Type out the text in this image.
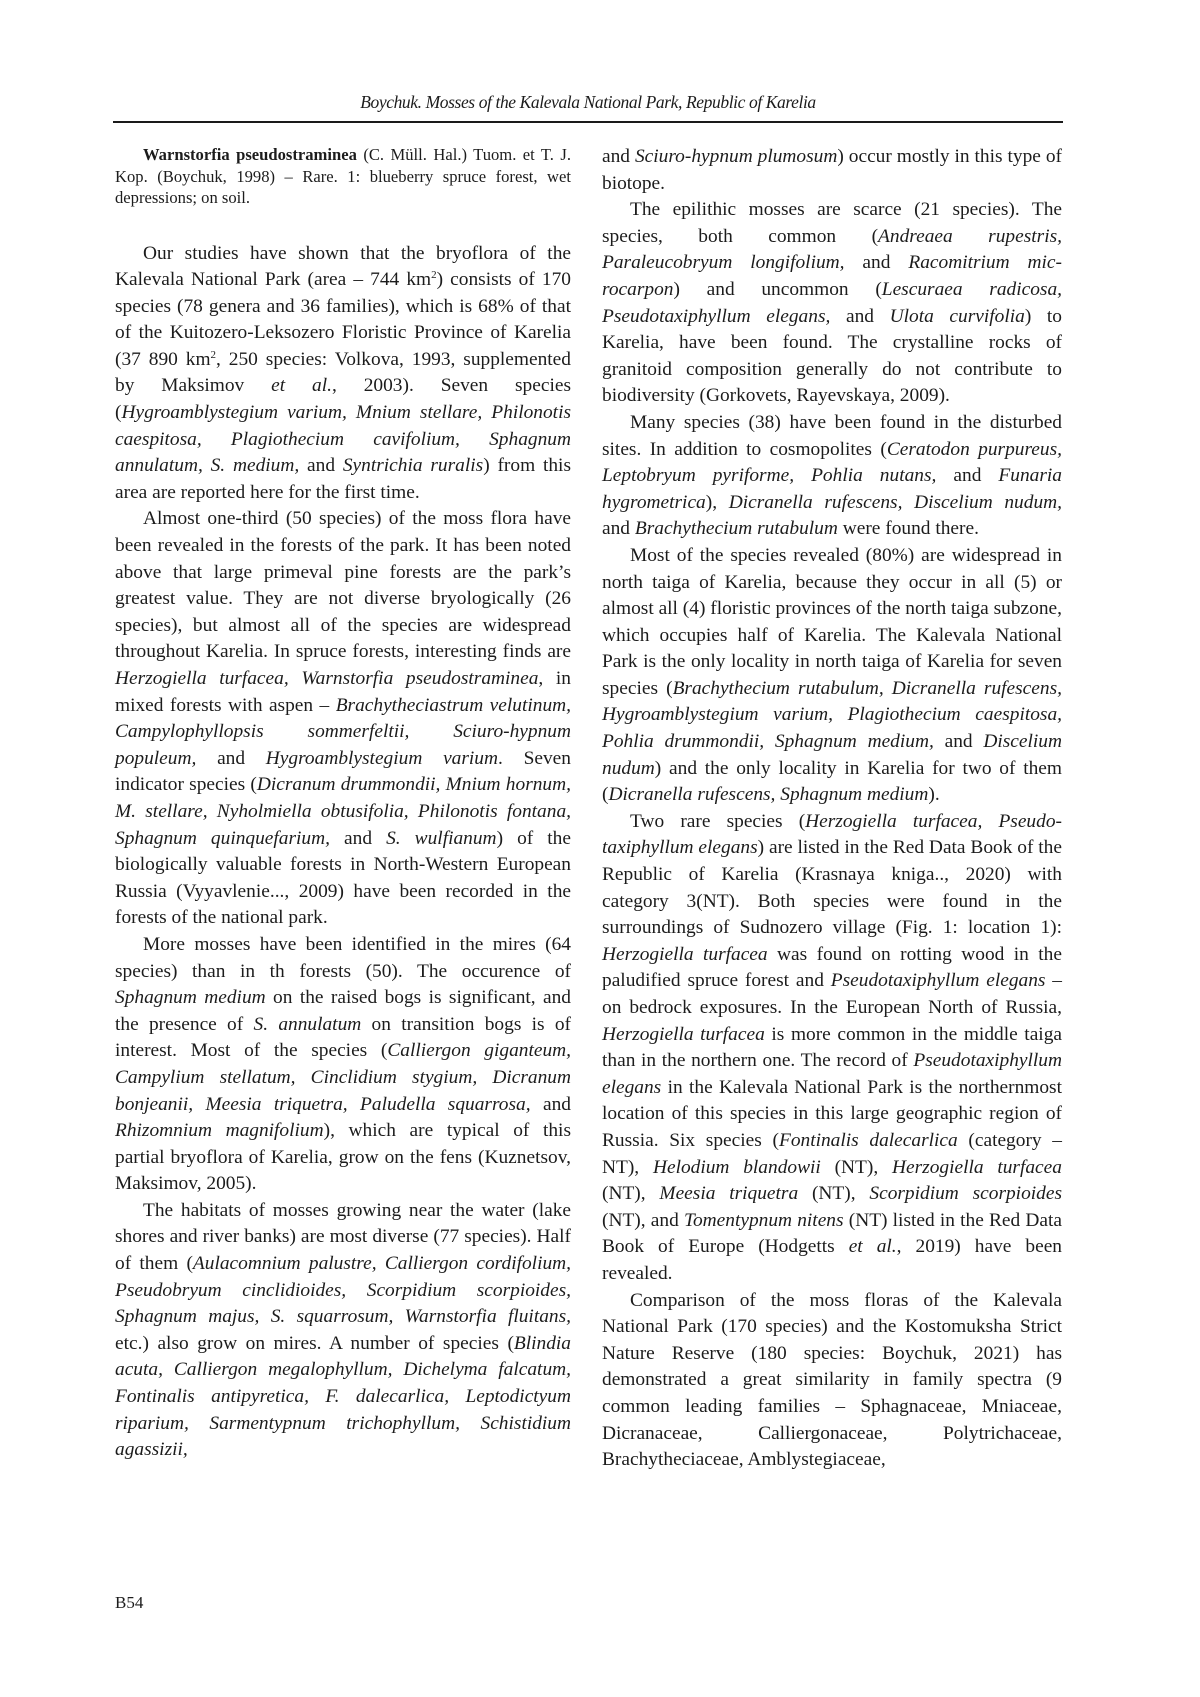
Boychuk. Mosses of the Kalevala National Park, Republic of Karelia

Warnstorfia pseudostraminea (C. Müll. Hal.) Tuom. et T. J. Kop. (Boychuk, 1998) – Rare. 1: blueberry spruce forest, wet depressions; on soil.

Our studies have shown that the bryoflora of the Kalevala National Park (area – 744 $km^2$) consists of 170 species (78 genera and 36 families), which is 68% of that of the Kuitozero-Leksozero Floristic Province of Karelia (37 890 $km^2$, 250 species: Volkova, 1993, supplemented by Maksimov et al., 2003). Seven species (Hygroamblystegium varium, Mnium stellare, Philonotis caespitosa, Plagiothecium cavifolium, Sphagnum annulatum, S. medium, and Syntrichia ruralis) from this area are reported here for the first time.

Almost one-third (50 species) of the moss flora have been revealed in the forests of the park. It has been noted above that large primeval pine forests are the park’s greatest value. They are not diverse bryologically (26 species), but almost all of the species are widespread throughout Karelia. In spruce forests, interesting finds are Herzogiella turfacea, Warnstorfia pseudostraminea, in mixed forests with aspen – Brachytheciastrum velutinum, Campylophyllopsis sommerfeltii, Sciuro-hypnum populeum, and Hygroamblystegium varium. Seven indicator species (Dicranum drummondii, Mnium hornum, M. stellare, Nyholmiella obtusifolia, Philonotis fontana, Sphagnum quinquefarium, and S. wulfianum) of the biologically valuable forests in North-Western European Russia (Vyyavlenie..., 2009) have been recorded in the forests of the national park.

More mosses have been identified in the mires (64 species) than in th forests (50). The occurence of Sphagnum medium on the raised bogs is significant, and the presence of S. annulatum on transition bogs is of interest. Most of the species (Calliergon giganteum, Campylium stellatum, Cinclidium stygium, Dicranum bonjeanii, Meesia triquetra, Paludella squarrosa, and Rhizomnium magnifolium), which are typical of this partial bryoflora of Karelia, grow on the fens (Kuznetsov, Maksimov, 2005).

The habitats of mosses growing near the water (lake shores and river banks) are most diverse (77 species). Half of them (Aulacomnium palustre, Calliergon cordifolium, Pseudobryum cinclidioides, Scorpidium scorpioides, Sphagnum majus, S. squarrosum, Warnstorfia fluitans, etc.) also grow on mires. A number of species (Blindia acuta, Calliergon megalophyllum, Dichelyma falcatum, Fontinalis antipyretica, F. dalecarlica, Leptodictyum riparium, Sarmentypnum trichophyllum, Schistidium agassizii,

and Sciuro-hypnum plumosum) occur mostly in this type of biotope.

The epilithic mosses are scarce (21 species). The species, both common (Andreaea rupestris, Paraleucobryum longifolium, and Racomitrium microcarpon) and uncommon (Lescuraea radicosa, Pseudotaxiphyllum elegans, and Ulota curvifolia) to Karelia, have been found. The crystalline rocks of granitoid composition generally do not contribute to biodiversity (Gorkovets, Rayevskaya, 2009).

Many species (38) have been found in the disturbed sites. In addition to cosmopolites (Ceratodon purpureus, Leptobryum pyriforme, Pohlia nutans, and Funaria hygrometrica), Dicranella rufescens, Discelium nudum, and Brachythecium rutabulum were found there.

Most of the species revealed (80%) are widespread in north taiga of Karelia, because they occur in all (5) or almost all (4) floristic provinces of the north taiga subzone, which occupies half of Karelia. The Kalevala National Park is the only locality in north taiga of Karelia for seven species (Brachythecium rutabulum, Dicranella rufescens, Hygroamblystegium varium, Plagiothecium caespitosa, Pohlia drummondii, Sphagnum medium, and Discelium nudum) and the only locality in Karelia for two of them (Dicranella rufescens, Sphagnum medium).

Two rare species (Herzogiella turfacea, Pseudotaxiphyllum elegans) are listed in the Red Data Book of the Republic of Karelia (Krasnaya kniga.., 2020) with category 3(NT). Both species were found in the surroundings of Sudnozero village (Fig. 1: location 1): Herzogiella turfacea was found on rotting wood in the paludified spruce forest and Pseudotaxiphyllum elegans – on bedrock exposures. In the European North of Russia, Herzogiella turfacea is more common in the middle taiga than in the northern one. The record of Pseudotaxiphyllum elegans in the Kalevala National Park is the northernmost location of this species in this large geographic region of Russia. Six species (Fontinalis dalecarlica (category – NT), Helodium blandowii (NT), Herzogiella turfacea (NT), Meesia triquetra (NT), Scorpidium scorpioides (NT), and Tomentypnum nitens (NT) listed in the Red Data Book of Europe (Hodgetts et al., 2019) have been revealed.

Comparison of the moss floras of the Kalevala National Park (170 species) and the Kostomuksha Strict Nature Reserve (180 species: Boychuk, 2021) has demonstrated a great similarity in family spectra (9 common leading families – Sphagnaceae, Mniaceae, Dicranaceae, Calliergonaceae, Polytrichaceae, Brachytheciaceae, Amblystegiaceae,

B54
